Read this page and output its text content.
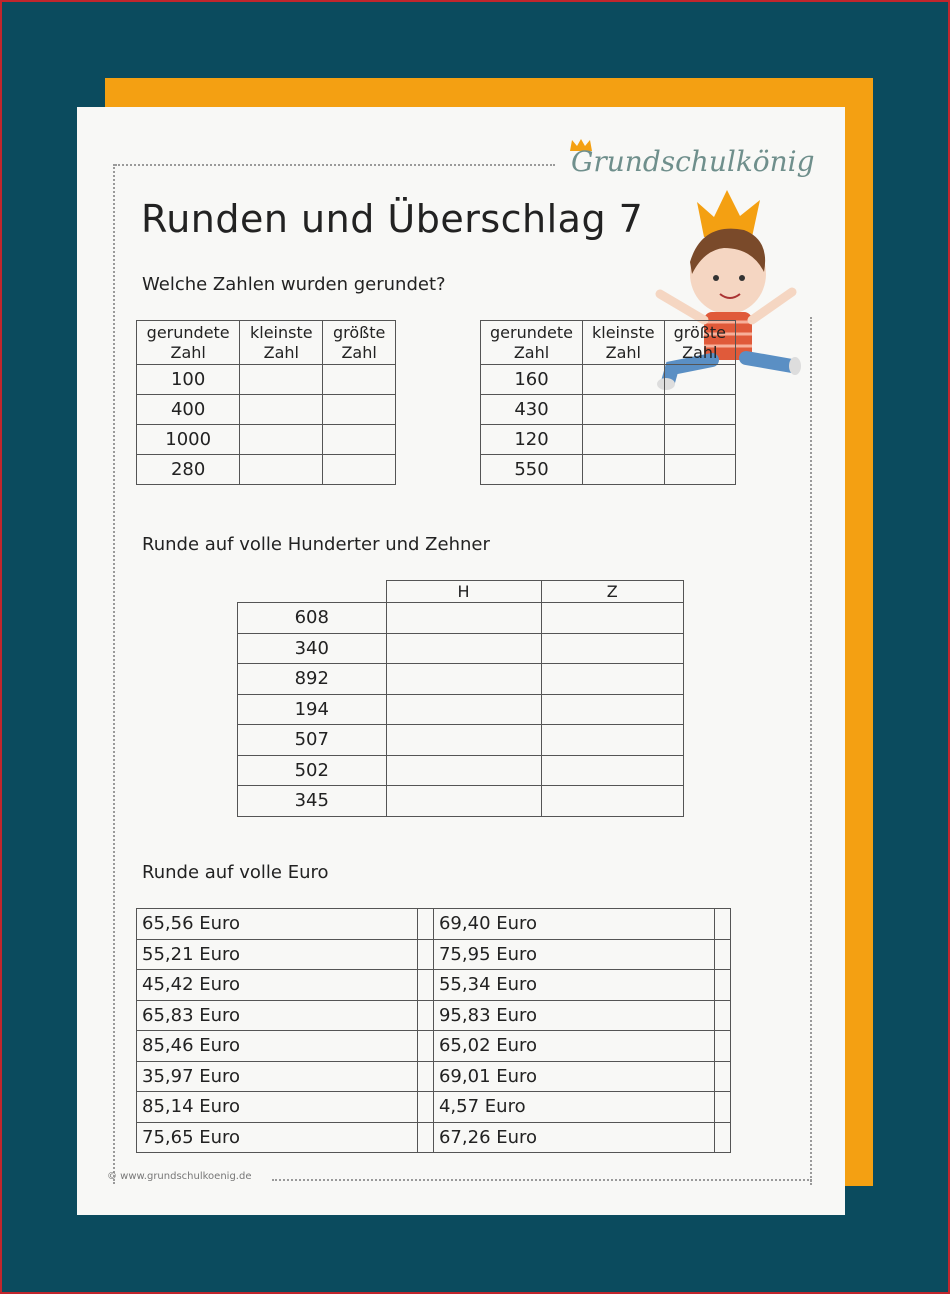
Grundschulkönig
Runden und Überschlag 7
Welche Zahlen wurden gerundet?
gerundete Zahl	kleinste Zahl	größte Zahl
100		
400		
1000		
280		
gerundete Zahl	kleinste Zahl	größte Zahl
160		
430		
120		
550		
Runde auf volle Hunderter und Zehner
	H	Z
608		
340		
892		
194		
507		
502		
345		
Runde auf volle Euro
65,56 Euro		69,40 Euro	
55,21 Euro		75,95 Euro	
45,42 Euro		55,34 Euro	
65,83 Euro		95,83 Euro	
85,46 Euro		65,02 Euro	
35,97 Euro		69,01 Euro	
85,14 Euro		4,57 Euro	
75,65 Euro		67,26 Euro	
© www.grundschulkoenig.de
